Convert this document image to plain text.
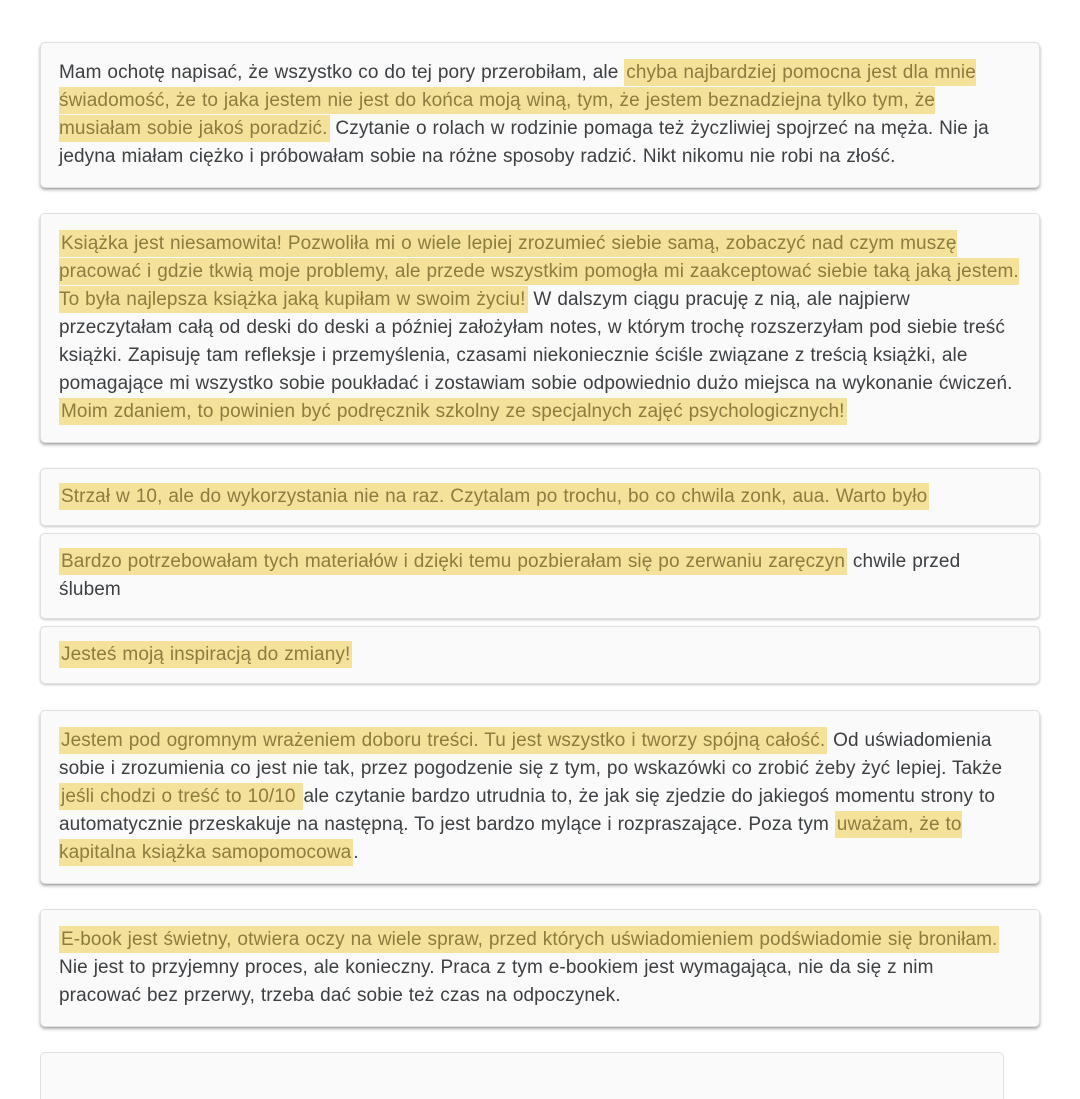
Mam ochotę napisać, że wszystko co do tej pory przerobiłam, ale chyba najbardziej pomocna jest dla mnie świadomość, że to jaka jestem nie jest do końca moją winą, tym, że jestem beznadziejna tylko tym, że musiałam sobie jakoś poradzić. Czytanie o rolach w rodzinie pomaga też życzliwiej spojrzeć na męża. Nie ja jedyna miałam ciężko i próbowałam sobie na różne sposoby radzić. Nikt nikomu nie robi na złość.
Książka jest niesamowita! Pozwoliła mi o wiele lepiej zrozumieć siebie samą, zobaczyć nad czym muszę pracować i gdzie tkwią moje problemy, ale przede wszystkim pomogła mi zaakceptować siebie taką jaką jestem. To była najlepsza książka jaką kupiłam w swoim życiu! W dalszym ciągu pracuję z nią, ale najpierw przeczytałam całą od deski do deski a później założyłam notes, w którym trochę rozszerzyłam pod siebie treść książki. Zapisuję tam refleksje i przemyślenia, czasami niekoniecznie ściśle związane z treścią książki, ale pomagające mi wszystko sobie poukładać i zostawiam sobie odpowiednio dużo miejsca na wykonanie ćwiczeń. Moim zdaniem, to powinien być podręcznik szkolny ze specjalnych zajęć psychologicznych!
Strzał w 10, ale do wykorzystania nie na raz. Czytalam po trochu, bo co chwila zonk, aua. Warto było
Bardzo potrzebowałam tych materiałów i dzięki temu pozbierałam się po zerwaniu zaręczyn chwile przed ślubem
Jesteś moją inspiracją do zmiany!
Jestem pod ogromnym wrażeniem doboru treści. Tu jest wszystko i tworzy spójną całość. Od uświadomienia sobie i zrozumienia co jest nie tak, przez pogodzenie się z tym, po wskazówki co zrobić żeby żyć lepiej. Także jeśli chodzi o treść to 10/10 ale czytanie bardzo utrudnia to, że jak się zjedzie do jakiegoś momentu strony to automatycznie przeskakuje na następną. To jest bardzo mylące i rozpraszające. Poza tym uważam, że to kapitalna książka samopomocowa .
E-book jest świetny, otwiera oczy na wiele spraw, przed których uświadomieniem podświadomie się broniłam. Nie jest to przyjemny proces, ale konieczny. Praca z tym e-bookiem jest wymagająca, nie da się z nim pracować bez przerwy, trzeba dać sobie też czas na odpoczynek.
